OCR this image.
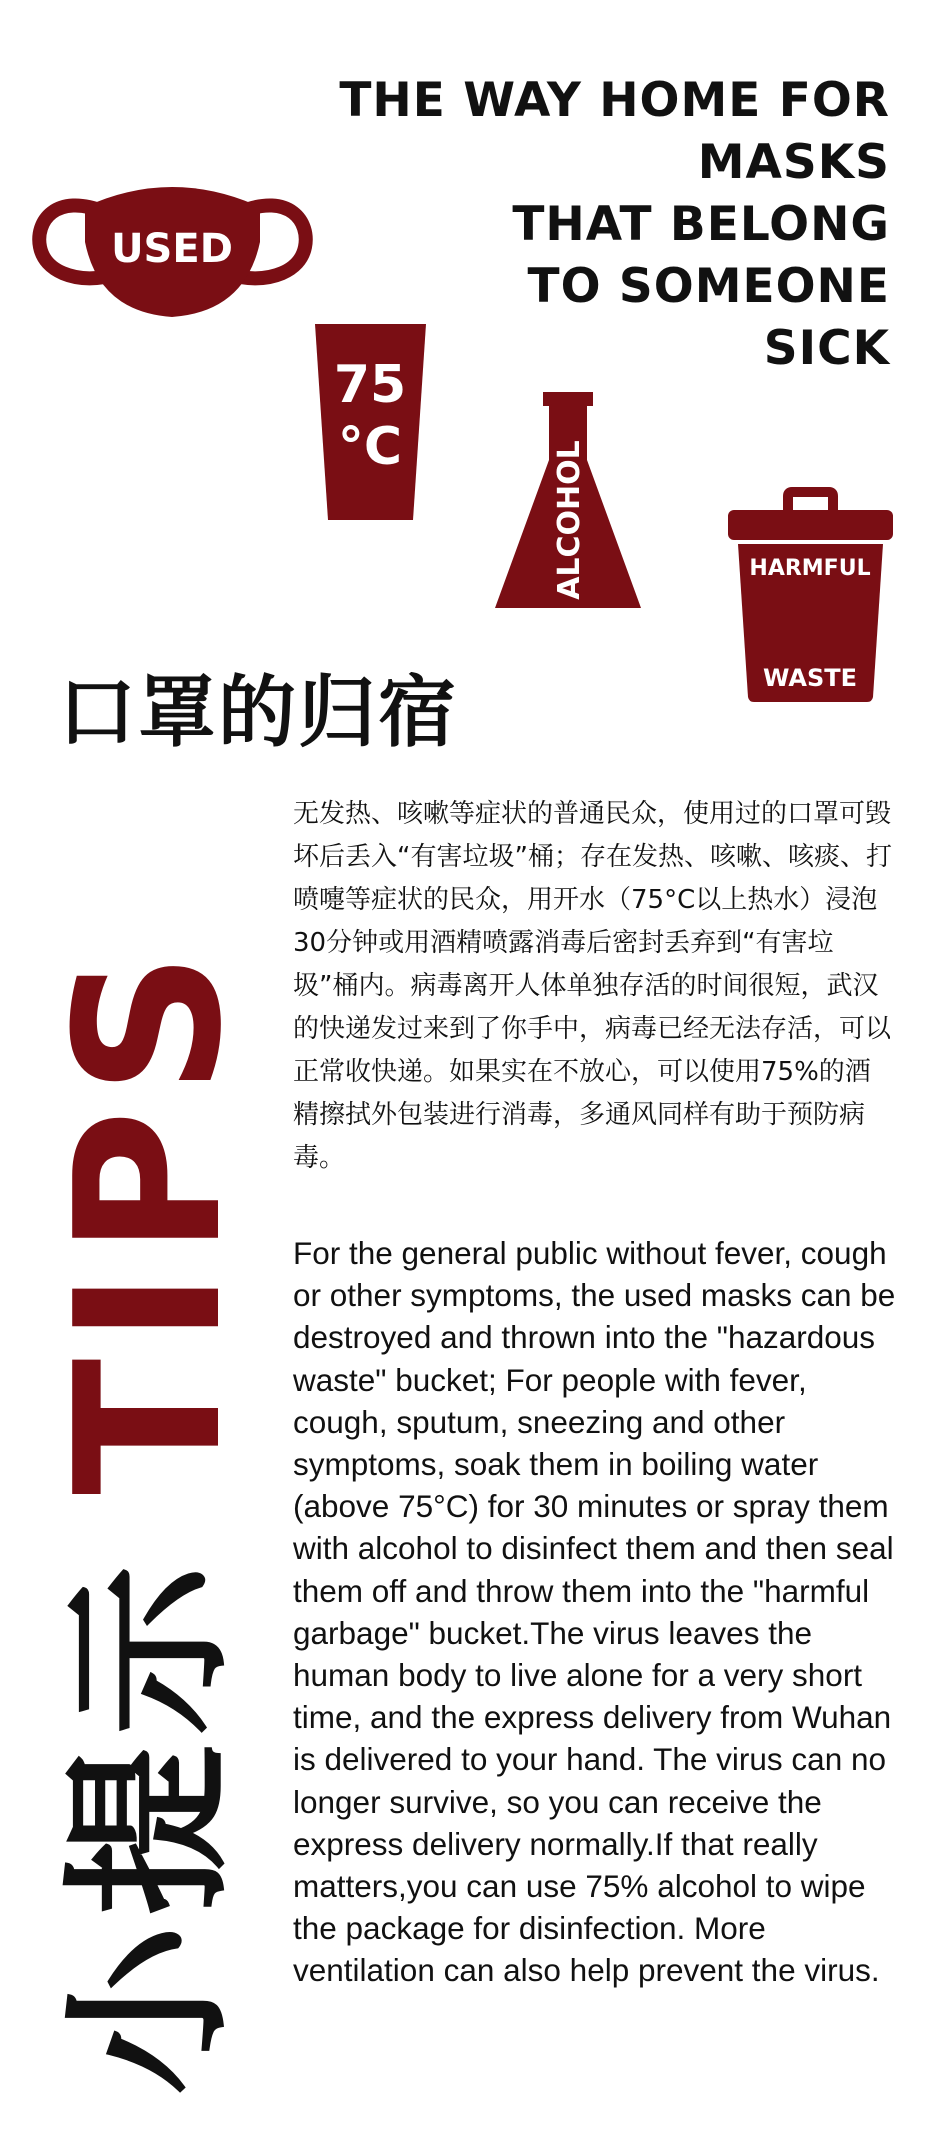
THE WAY HOME FOR
MASKS
THAT BELONG
TO SOMEONE
SICK
USED
75
°C	ALCOHOL	HARMFUL
WASTE
口罩的归宿
小提示
TIPS

无发热、咳嗽等症状的普通民众，使用过的口罩可毁坏后丢入“有害垃圾”桶；存在发热、咳嗽、咳痰、打喷嚏等症状的民众，用开水（75°C以上热水）浸泡30分钟或用酒精喷露消毒后密封丢弃到“有害垃圾”桶内。病毒离开人体单独存活的时间很短，武汉的快递发过来到了你手中，病毒已经无法存活，可以正常收快递。如果实在不放心，可以使用75%的酒精擦拭外包装进行消毒，多通风同样有助于预防病毒。

For the general public without fever, cough or other symptoms, the used masks can be destroyed and thrown into the "hazardous waste" bucket; For people with fever, cough, sputum, sneezing and other symptoms, soak them in boiling water (above 75°C) for 30 minutes or spray them with alcohol to disinfect them and then seal them off and throw them into the "harmful garbage" bucket.The virus leaves the human body to live alone for a very short time, and the express delivery from Wuhan is delivered to your hand. The virus can no longer survive, so you can receive the express delivery normally.If that really matters,you can use 75% alcohol to wipe the package for disinfection. More ventilation can also help prevent the virus.
